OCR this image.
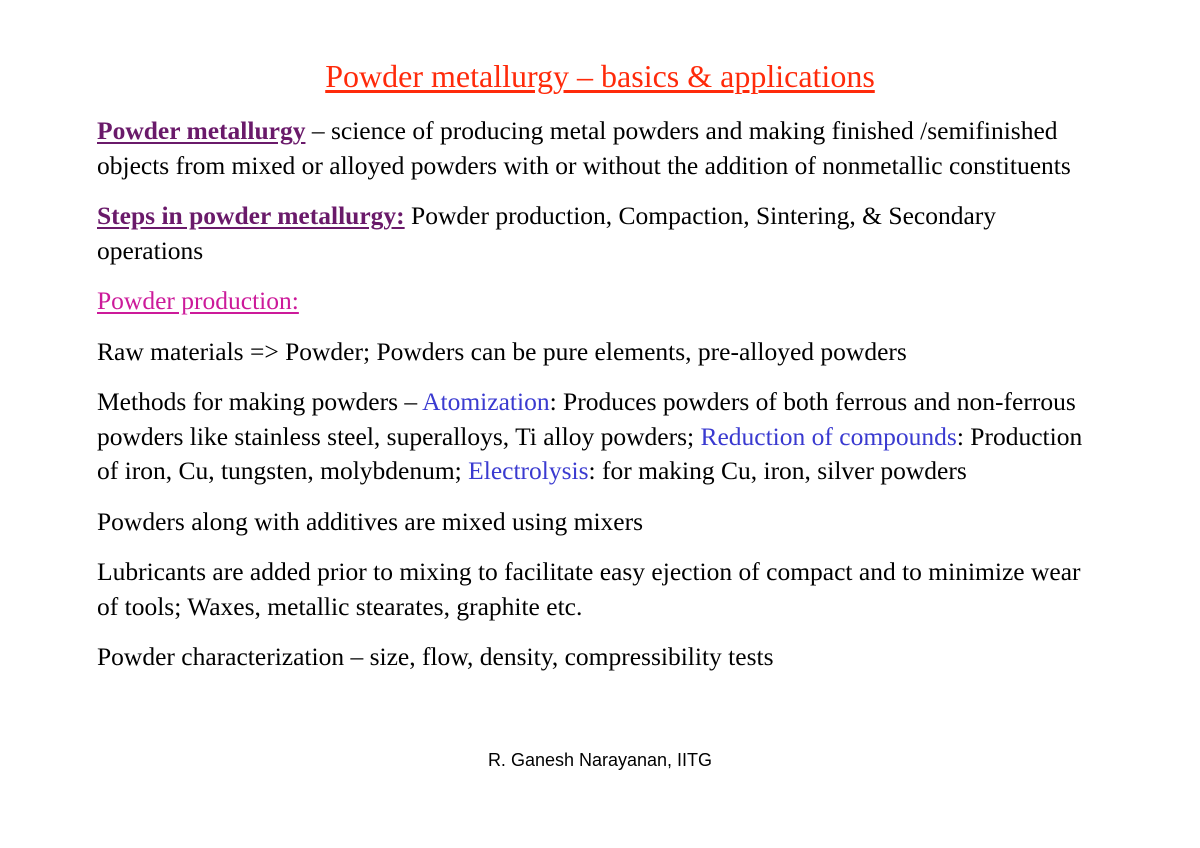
Powder metallurgy – basics & applications

Powder metallurgy – science of producing metal powders and making finished /semifinished objects from mixed or alloyed powders with or without the addition of nonmetallic constituents

Steps in powder metallurgy: Powder production, Compaction, Sintering, & Secondary operations

Powder production:

Raw materials => Powder; Powders can be pure elements, pre-alloyed powders

Methods for making powders – Atomization: Produces powders of both ferrous and non-ferrous powders like stainless steel, superalloys, Ti alloy powders; Reduction of compounds: Production of iron, Cu, tungsten, molybdenum; Electrolysis: for making Cu, iron, silver powders

Powders along with additives are mixed using mixers

Lubricants are added prior to mixing to facilitate easy ejection of compact and to minimize wear of tools; Waxes, metallic stearates, graphite etc.

Powder characterization – size, flow, density, compressibility tests

R. Ganesh Narayanan, IITG
